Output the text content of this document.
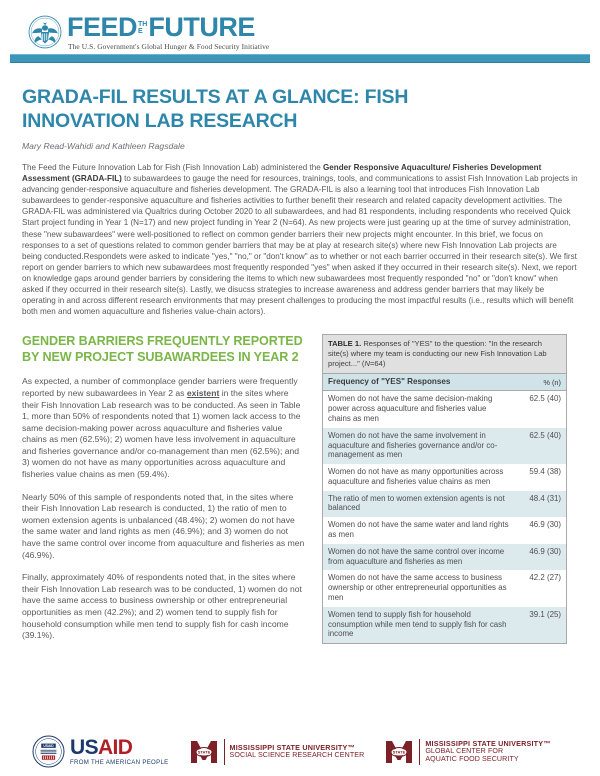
FEED TH
E FUTURE
The U.S. Government's Global Hunger & Food Security Initiative
GRADA-FIL RESULTS AT A GLANCE: FISH INNOVATION LAB RESEARCH
Mary Read-Wahidi and Kathleen Ragsdale

The Feed the Future Innovation Lab for Fish (Fish Innovation Lab) administered the Gender Responsive Aquaculture/ Fisheries Development Assessment (GRADA-FIL) to subawardees to gauge the need for resources, trainings, tools, and communications to assist Fish Innovation Lab projects in advancing gender-responsive aquaculture and fisheries development. The GRADA-FIL is also a learning tool that introduces Fish Innovation Lab subawardees to gender-responsive aquaculture and fisheries activities to further benefit their research and related capacity development activities. The GRADA-FIL was administered via Qualtrics during October 2020 to all subawardees, and had 81 respondents, including respondents who received Quick Start project funding in Year 1 (N=17) and new project funding in Year 2 (N=64). As new projects were just gearing up at the time of survey administration, these "new subawardees" were well-positioned to reflect on common gender barriers their new projects might encounter. In this brief, we focus on responses to a set of questions related to common gender barriers that may be at play at research site(s) where new Fish Innovation Lab projects are being conducted.Respondets were asked to indicate "yes," "no," or "don't know" as to whether or not each barrier occurred in their research site(s). We first report on gender barriers to which new subawardees most frequently responded "yes" when asked if they occurred in their research site(s). Next, we report on knowledge gaps around gender barriers by considering the items to which new subawardees most frequently responded "no" or "don't know" when asked if they occurred in their research site(s). Lastly, we disucss strategies to increase awareness and address gender barriers that may likely be operating in and across different research environments that may present challenges to producing the most impactful results (i.e., results which will benefit both men and women aquaculture and fisheries value-chain actors).

GENDER BARRIERS FREQUENTLY REPORTED BY NEW PROJECT SUBAWARDEES IN YEAR 2

As expected, a number of commonplace gender barriers were frequently reported by new subawardees in Year 2 as existent in the sites where their Fish Innovation Lab research was to be conducted. As seen in Table 1, more than 50% of respondents noted that 1) women lack access to the same decision-making power across aquaculture and fisheries value chains as men (62.5%); 2) women have less involvement in aquaculture and fisheries governance and/or co-management than men (62.5%); and 3) women do not have as many opportunities across aquaculture and fisheries value chains as men (59.4%).

Nearly 50% of this sample of respondents noted that, in the sites where their Fish Innovation Lab research is conducted, 1) the ratio of men to women extension agents is unbalanced (48.4%); 2) women do not have the same water and land rights as men (46.9%); and 3) women do not have the same control over income from aquaculture and fisheries as men (46.9%).

Finally, approximately 40% of respondents noted that, in the sites where their Fish Innovation Lab research was to be conducted, 1) women do not have the same access to business ownership or other entrepreneurial opportunities as men (42.2%); and 2) women tend to supply fish for household consumption while men tend to supply fish for cash income (39.1%).

TABLE 1. Responses of "YES" to the question: "In the research site(s) where my team is conducting our new Fish Innovation Lab project..." (N=64)
Frequency of "YES" Responses	% (n)
Women do not have the same decision-making power across aquaculture and fisheries value chains as men
62.5 (40)
Women do not have the same involvement in aquaculture and fisheries governance and/or co-management as men
62.5 (40)
Women do not have as many opportunities across aquaculture and fisheries value chains as men
59.4 (38)
The ratio of men to women extension agents is not balanced
48.4 (31)
Women do not have the same water and land rights as men
46.9 (30)
Women do not have the same control over income from aquaculture and fisheries as men
46.9 (30)
Women do not have the same access to business ownership or other entrepreneurial opportunities as men
42.2 (27)
Women tend to supply fish for household consumption while men tend to supply fish for cash income
39.1 (25)
USAID USAID
FROM THE AMERICAN PEOPLE
STATE	MISSISSIPPI STATE UNIVERSITY™
SOCIAL SCIENCE RESEARCH CENTER	STATE
MISSISSIPPI STATE UNIVERSITY™
GLOBAL CENTER FOR
AQUATIC FOOD SECURITY
